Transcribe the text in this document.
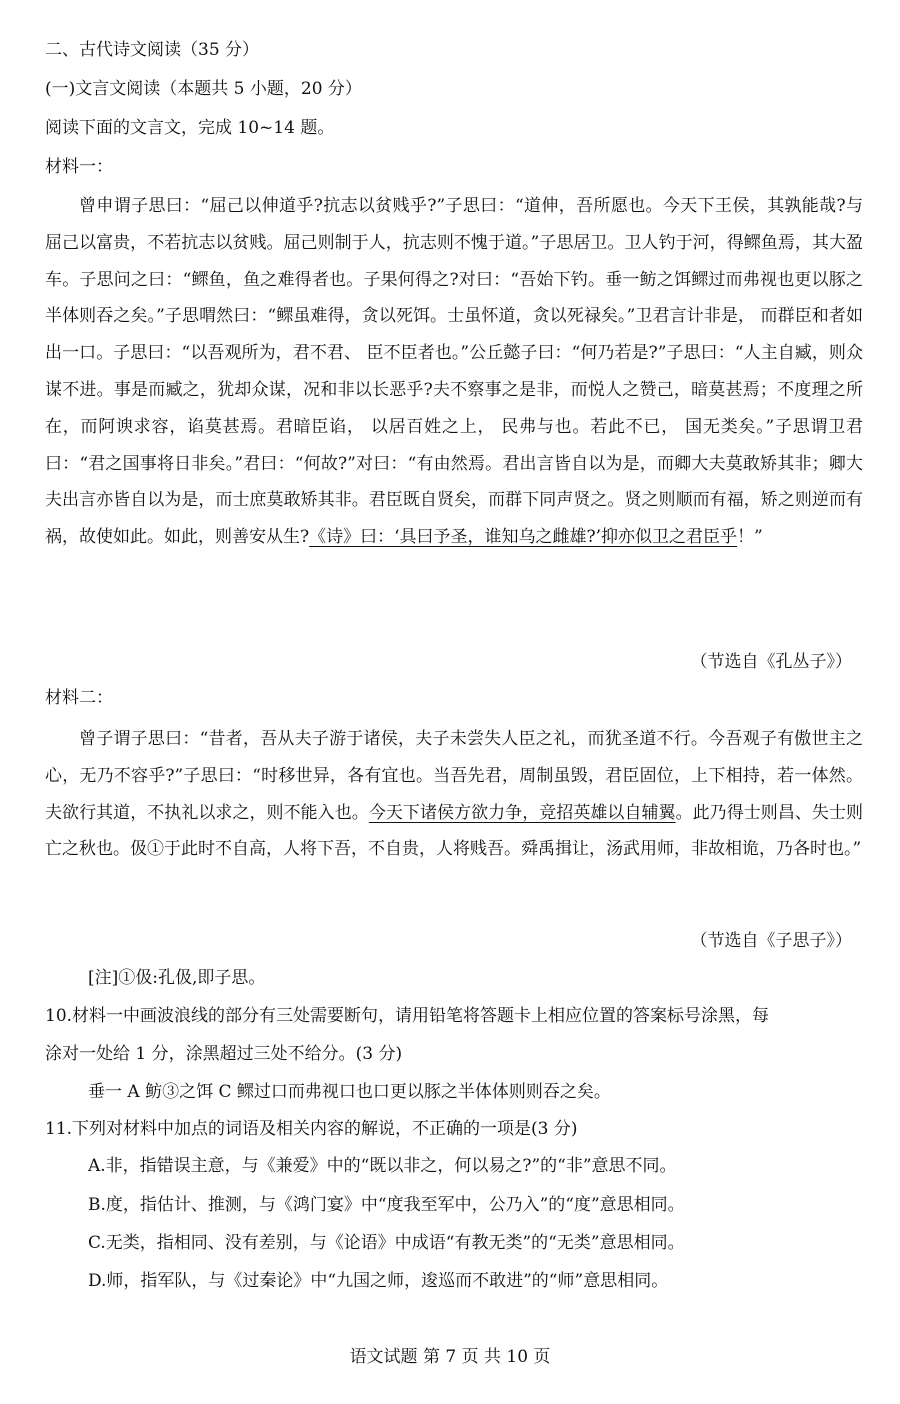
二、古代诗文阅读（35 分）
(一)文言文阅读（本题共 5 小题，20 分）
阅读下面的文言文，完成 10~14 题。
材料一：

曾申谓子思曰：“屈己以伸道乎?抗志以贫贱乎?”子思曰：“道伸，吾所愿也。今天下王侯，其孰能哉?与屈己以富贵，不若抗志以贫贱。屈己则制于人，抗志则不愧于道。”子思居卫。卫人钓于河，得鳏鱼焉，其大盈车。子思问之曰：“鳏鱼，鱼之难得者也。子果何得之?对曰：“吾始下钓。垂一鲂之饵鳏过而弗视也更以豚之半体则吞之矣。”子思喟然曰：“鳏虽难得，贪以死饵。士虽怀道，贪以死禄矣。”卫君言计非是， 而群臣和者如出一口。子思曰：“以吾观所为，君不君、 臣不臣者也。”公丘懿子曰：“何乃若是?”子思曰：“人主自臧，则众谋不进。事是而臧之，犹却众谋，况和非以长恶乎?夫不察事之是非，而悦人之赞己，暗莫甚焉；不度理之所在，而阿谀求容，谄莫甚焉。君暗臣谄， 以居百姓之上， 民弗与也。若此不已， 国无类矣。”子思谓卫君曰：“君之国事将日非矣。”君曰：“何故?”对曰：“有由然焉。君出言皆自以为是，而卿大夫莫敢矫其非；卿大夫出言亦皆自以为是，而士庶莫敢矫其非。君臣既自贤矣，而群下同声贤之。贤之则顺而有福，矫之则逆而有祸，故使如此。如此，则善安从生?《诗》曰：‘具曰予圣，谁知乌之雌雄?’抑亦似卫之君臣乎！”

（节选自《孔丛子》）
材料二：

曾子谓子思曰：“昔者，吾从夫子游于诸侯，夫子未尝失人臣之礼，而犹圣道不行。今吾观子有傲世主之心，无乃不容乎?”子思曰：“时移世异，各有宜也。当吾先君，周制虽毁，君臣固位，上下相持，若一体然。夫欲行其道，不执礼以求之，则不能入也。今天下诸侯方欲力争，竞招英雄以自辅翼。此乃得士则昌、失士则亡之秋也。伋①于此时不自高，人将下吾，不自贵，人将贱吾。舜禹揖让，汤武用师，非故相诡，乃各时也。”

（节选自《子思子》）
[注]①伋:孔伋,即子思。
10.材料一中画波浪线的部分有三处需要断句，请用铅笔将答题卡上相应位置的答案标号涂黑，每
涂对一处给 1 分，涂黑超过三处不给分。(3 分)
垂一 A 鲂③之饵 C 鳏过口而弗视口也口更以豚之半体体则则吞之矣。
11.下列对材料中加点的词语及相关内容的解说，不正确的一项是(3 分)
A.非，指错误主意，与《兼爱》中的“既以非之，何以易之?”的“非”意思不同。
B.度，指估计、推测，与《鸿门宴》中“度我至军中，公乃入”的“度”意思相同。
C.无类，指相同、没有差别，与《论语》中成语“有教无类”的“无类”意思相同。
D.师，指军队，与《过秦论》中“九国之师，逡巡而不敢进”的“师”意思相同。
语文试题 第 7 页 共 10 页
